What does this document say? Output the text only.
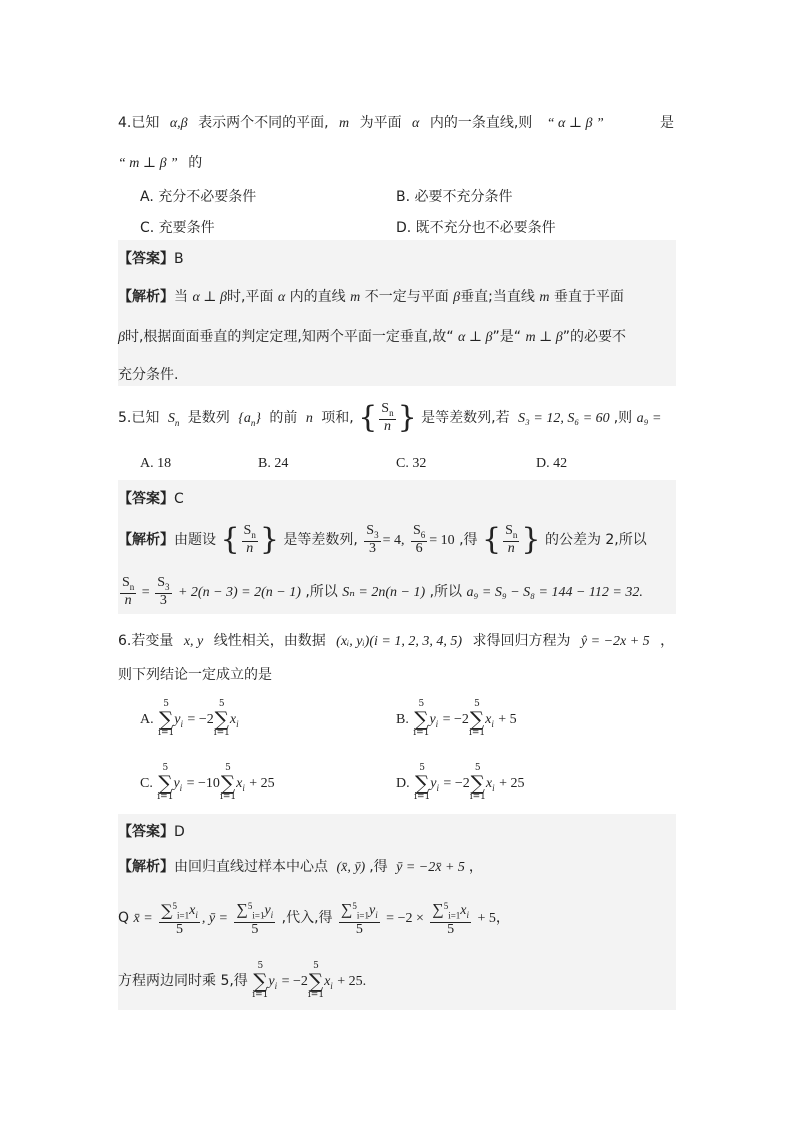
4.已知 α,β 表示两个不同的平面, m 为平面 α 内的一条直线,则 “ α ⊥ β ”	是
“ m ⊥ β ” 的
A. 充分不必要条件	B. 必要不充分条件
C. 充要条件	D. 既不充分也不必要条件
【答案】B
【解析】当 α ⊥ β时,平面 α 内的直线 m 不一定与平面 β垂直;当直线 m 垂直于平面
β时,根据面面垂直的判定定理,知两个平面一定垂直,故“ α ⊥ β”是“ m ⊥ β”的必要不
充分条件.
5.已知 $S_n$ 是数列 $\{a_n\}$ 的前 n 项和, { $\frac{S_n}{n}$ } 是等差数列,若 S₃ = 12, S₆ = 60 ,则 a₉ =
A. 18	B. 24	C. 32	D. 42
【答案】C
【解析】由题设 { $\frac{S_n}{n}$ } 是等差数列, $\frac{S_3}{3} = 4$, $\frac{S_6}{6} = 10$ ,得 { $\frac{S_n}{n}$ } 的公差为 2,所以
$\frac{S_n}{n} = \frac{S_3}{3} + 2(n - 3) = 2(n - 1)$ ,所以 Sₙ = 2n(n − 1) ,所以 a₉ = S₉ − S₈ = 144 − 112 = 32.
6.若变量 x, y 线性相关，由数据 (xᵢ, yᵢ)(i = 1, 2, 3, 4, 5) 求得回归方程为 ŷ = −2x + 5 ，
则下列结论一定成立的是
A.
5
∑
i=1
$y_i = -2$
5
∑
i=1
$x_i$	B.
5
∑
i=1
$y_i = -2$
5
∑
i=1
$x_i + 5$
C.
5
∑
i=1
$y_i = -10$
5
∑
i=1
$x_i + 25$	D.
5
∑
i=1
$y_i = -2$
5
∑
i=1
$x_i + 25$
【答案】D
【解析】由回归直线过样本中心点 (x̄, ȳ) ,得 ȳ = −2x̄ + 5 ，
Q x̄ = $\frac{\sum ^5_{i=1}x_i}{5}$ , ȳ = $\frac{\sum^5_{i=1}y_i}{5}$ ,代入,得 $\frac{\sum^5_{i=1}y_i}{5} = -2 \times \frac{\sum^5_{i=1}x_i}{5} + 5$，
方程两边同时乘 5,得
5
∑
i=1
$y_i = -2$
5
∑
i=1
$x_i + 25$.
